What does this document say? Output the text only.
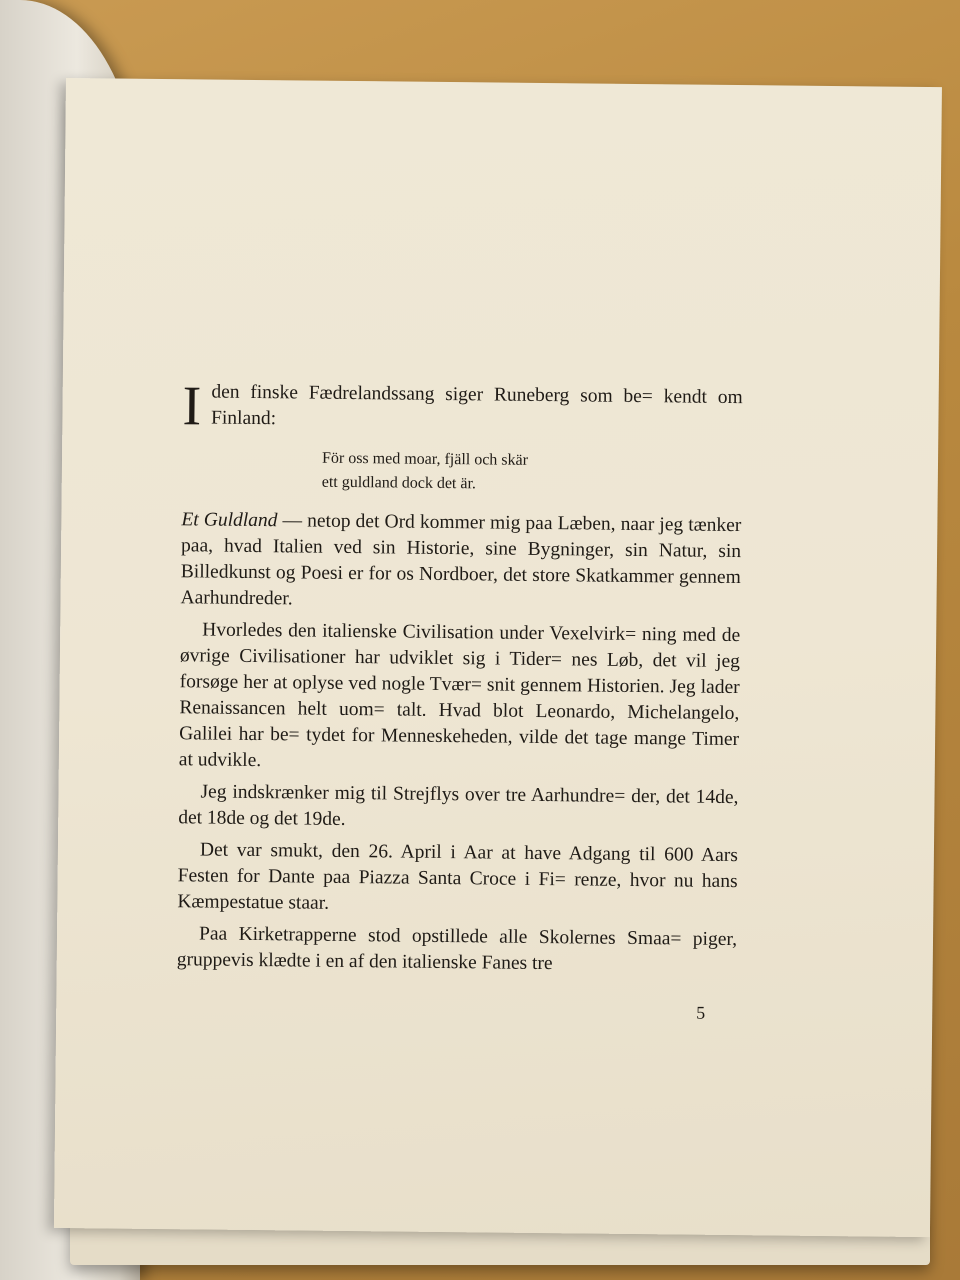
I den finske Fædrelandssang siger Runeberg som be= kendt om Finland:
För oss med moar, fjäll och skär
ett guldland dock det är.

Et Guldland — netop det Ord kommer mig paa Læben, naar jeg tænker paa, hvad Italien ved sin Historie, sine Bygninger, sin Natur, sin Billedkunst og Poesi er for os Nordboer, det store Skatkammer gennem Aarhundreder.

Hvorledes den italienske Civilisation under Vexelvirk= ning med de øvrige Civilisationer har udviklet sig i Tider= nes Løb, det vil jeg forsøge her at oplyse ved nogle Tvær= snit gennem Historien. Jeg lader Renaissancen helt uom= talt. Hvad blot Leonardo, Michelangelo, Galilei har be= tydet for Menneskeheden, vilde det tage mange Timer at udvikle.

Jeg indskrænker mig til Strejflys over tre Aarhundre= der, det 14de, det 18de og det 19de.

Det var smukt, den 26. April i Aar at have Adgang til 600 Aars Festen for Dante paa Piazza Santa Croce i Fi= renze, hvor nu hans Kæmpestatue staar.

Paa Kirketrapperne stod opstillede alle Skolernes Smaa= piger, gruppevis klædte i en af den italienske Fanes tre

5
